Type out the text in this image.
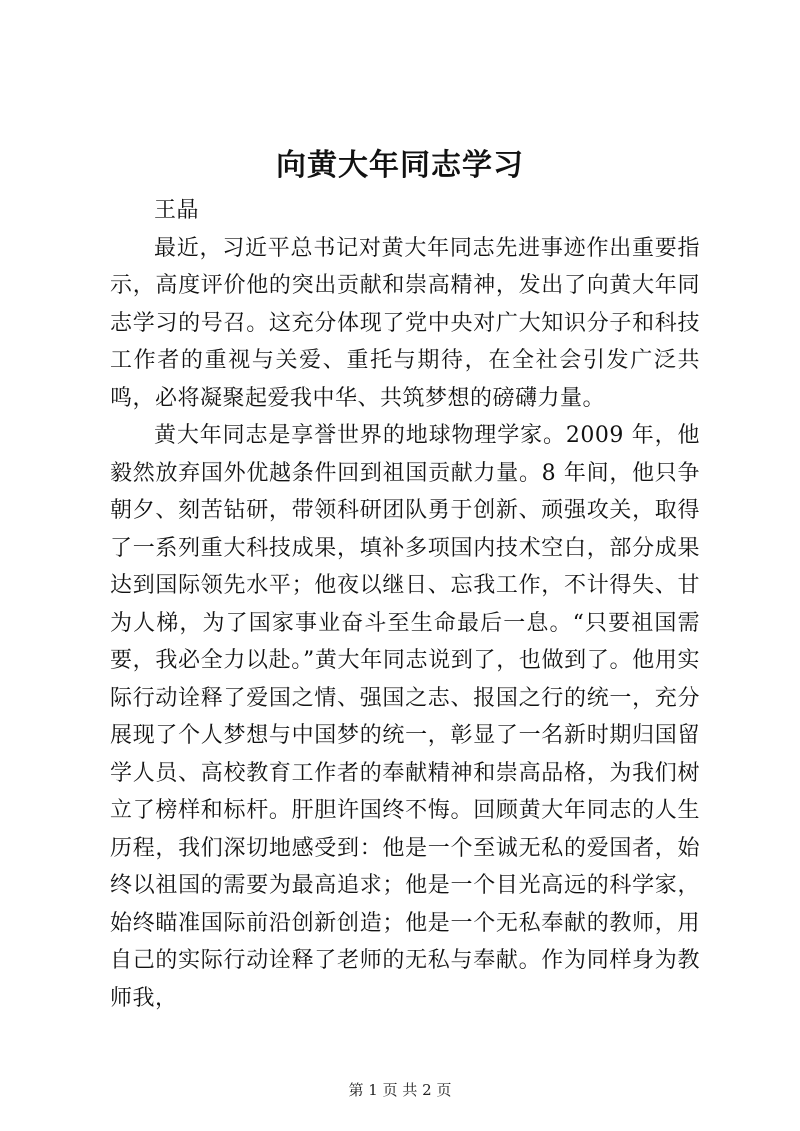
向黄大年同志学习

王晶

最近，习近平总书记对黄大年同志先进事迹作出重要指示，高度评价他的突出贡献和崇高精神，发出了向黄大年同志学习的号召。这充分体现了党中央对广大知识分子和科技工作者的重视与关爱、重托与期待，在全社会引发广泛共鸣，必将凝聚起爱我中华、共筑梦想的磅礴力量。

黄大年同志是享誉世界的地球物理学家。2009 年，他毅然放弃国外优越条件回到祖国贡献力量。8 年间，他只争朝夕、刻苦钻研，带领科研团队勇于创新、顽强攻关，取得了一系列重大科技成果，填补多项国内技术空白，部分成果达到国际领先水平；他夜以继日、忘我工作，不计得失、甘为人梯，为了国家事业奋斗至生命最后一息。“只要祖国需要，我必全力以赴。”黄大年同志说到了，也做到了。他用实际行动诠释了爱国之情、强国之志、报国之行的统一，充分展现了个人梦想与中国梦的统一，彰显了一名新时期归国留学人员、高校教育工作者的奉献精神和崇高品格，为我们树立了榜样和标杆。肝胆许国终不悔。回顾黄大年同志的人生历程，我们深切地感受到：他是一个至诚无私的爱国者，始终以祖国的需要为最高追求；他是一个目光高远的科学家，始终瞄准国际前沿创新创造；他是一个无私奉献的教师，用自己的实际行动诠释了老师的无私与奉献。作为同样身为教师我，

第 1 页 共 2 页
